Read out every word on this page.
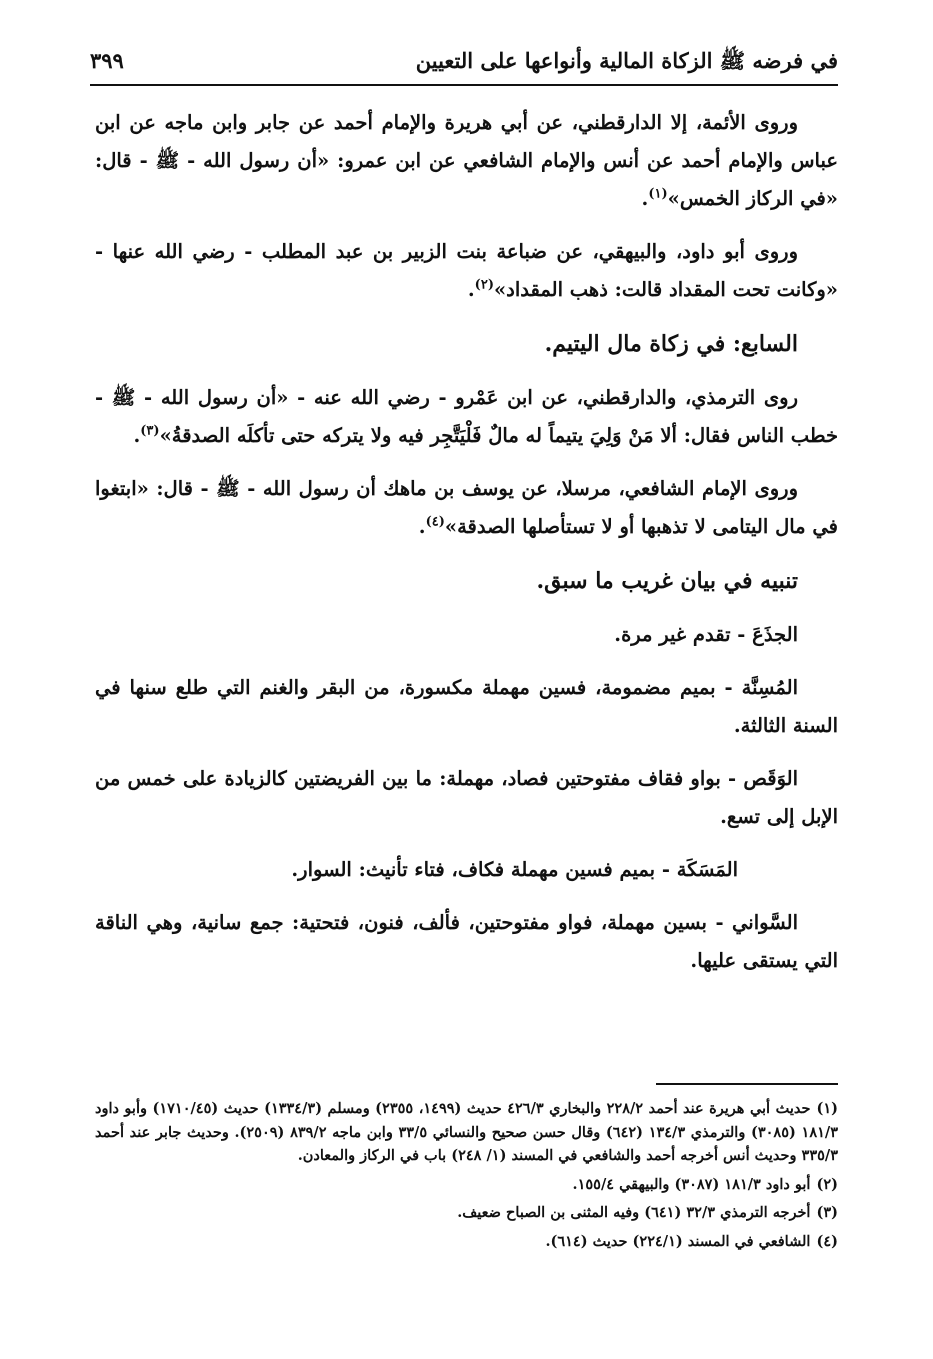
في فرضه ﷺ الزكاة المالية وأنواعها على التعيين
٣٩٩

وروى الأئمة، إلا الدارقطني، عن أبي هريرة والإمام أحمد عن جابر وابن ماجه عن ابن عباس والإمام أحمد عن أنس والإمام الشافعي عن ابن عمرو: «أن رسول الله - ﷺ - قال: «في الركاز الخمس»$^{(١)}$.

وروى أبو داود، والبيهقي، عن ضباعة بنت الزبير بن عبد المطلب - رضي الله عنها - «وكانت تحت المقداد قالت: ذهب المقداد»$^{(٢)}$.

السابع: في زكاة مال اليتيم.

روى الترمذي، والدارقطني، عن ابن عَمْرو - رضي الله عنه - «أن رسول الله - ﷺ - خطب الناس فقال: ألا مَنْ وَلِيَ يتيماً له مالٌ فَلْيَتَّجِر فيه ولا يتركه حتى تأكلَه الصدقةُ»$^{(٣)}$.

وروى الإمام الشافعي، مرسلا، عن يوسف بن ماهك أن رسول الله - ﷺ - قال: «ابتغوا في مال اليتامى لا تذهبها أو لا تستأصلها الصدقة»$^{(٤)}$.

تنبيه في بيان غريب ما سبق.

الجذَعَ - تقدم غير مرة.

المُسِنَّة - بميم مضمومة، فسين مهملة مكسورة، من البقر والغنم التي طلع سنها في السنة الثالثة.

الوَقَص - بواو فقاف مفتوحتين فصاد، مهملة: ما بين الفريضتين كالزيادة على خمس من الإبل إلى تسع.

المَسَكَة - بميم فسين مهملة فكاف، فتاء تأنيث: السوار.

السَّواني - بسين مهملة، فواو مفتوحتين، فألف، فنون، فتحتية: جمع سانية، وهي الناقة التي يستقى عليها.

(١)حديث أبي هريرة عند أحمد ٢٢٨/٢ والبخاري ٤٢٦/٣ حديث (١٤٩٩، ٢٣٥٥) ومسلم (١٣٣٤/٣) حديث (١٧١٠/٤٥) وأبو داود ١٨١/٣ (٣٠٨٥) والترمذي ١٣٤/٣ (٦٤٢) وقال حسن صحيح والنسائي ٣٣/٥ وابن ماجه ٨٣٩/٢ (٢٥٠٩). وحديث جابر عند أحمد ٣٣٥/٣ وحديث أنس أخرجه أحمد والشافعي في المسند (١/ ٢٤٨) باب في الركاز والمعادن.
(٢)أبو داود ١٨١/٣ (٣٠٨٧) والبيهقي ١٥٥/٤.
(٣)أخرجه الترمذي ٣٢/٣ (٦٤١) وفيه المثنى بن الصباح ضعيف.
(٤)الشافعي في المسند (٢٢٤/١) حديث (٦١٤).
